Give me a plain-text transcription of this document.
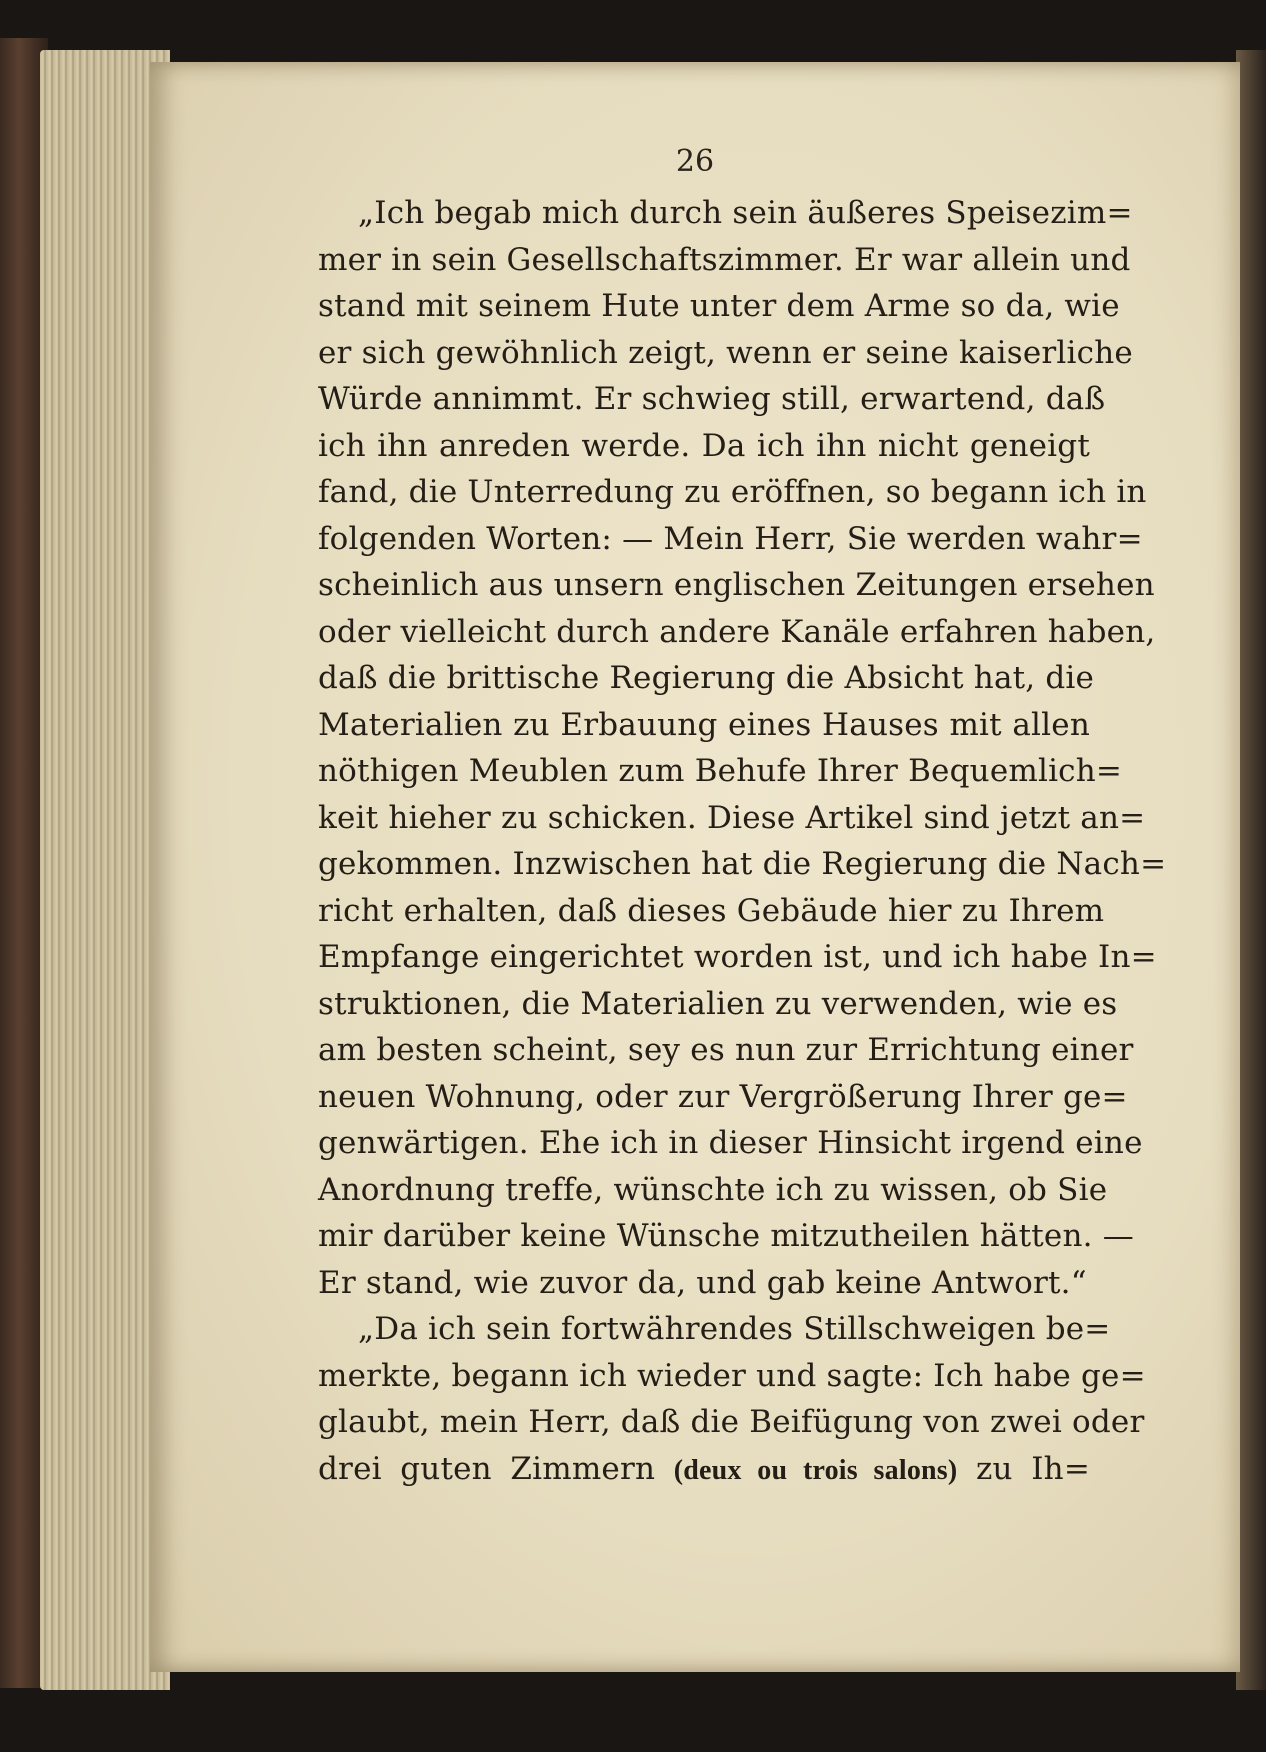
26
„Ich begab mich durch sein äußeres Speisezim=
mer in sein Gesellschaftszimmer. Er war allein und
stand mit seinem Hute unter dem Arme so da, wie
er sich gewöhnlich zeigt, wenn er seine kaiserliche
Würde annimmt. Er schwieg still, erwartend, daß
ich ihn anreden werde. Da ich ihn nicht geneigt
fand, die Unterredung zu eröffnen, so begann ich in
folgenden Worten: — Mein Herr, Sie werden wahr=
scheinlich aus unsern englischen Zeitungen ersehen
oder vielleicht durch andere Kanäle erfahren haben,
daß die brittische Regierung die Absicht hat, die
Materialien zu Erbauung eines Hauses mit allen
nöthigen Meublen zum Behufe Ihrer Bequemlich=
keit hieher zu schicken. Diese Artikel sind jetzt an=
gekommen. Inzwischen hat die Regierung die Nach=
richt erhalten, daß dieses Gebäude hier zu Ihrem
Empfange eingerichtet worden ist, und ich habe In=
struktionen, die Materialien zu verwenden, wie es
am besten scheint, sey es nun zur Errichtung einer
neuen Wohnung, oder zur Vergrößerung Ihrer ge=
genwärtigen. Ehe ich in dieser Hinsicht irgend eine
Anordnung treffe, wünschte ich zu wissen, ob Sie
mir darüber keine Wünsche mitzutheilen hätten. —
Er stand, wie zuvor da, und gab keine Antwort.“
„Da ich sein fortwährendes Stillschweigen be=
merkte, begann ich wieder und sagte: Ich habe ge=
glaubt, mein Herr, daß die Beifügung von zwei oder
drei guten Zimmern (deux ou trois salons) zu Ih=
